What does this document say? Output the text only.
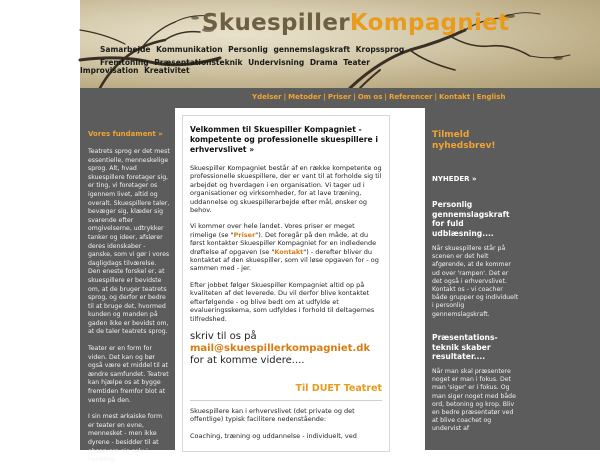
SkuespillerKompagniet
Samarbejde Kommunikation Personlig gennemslagskraft Kropssprog
Fremtoning Præsentationsteknik Undervisning Drama Teater
Improvisation Kreativitet
Ydelser | Metoder | Priser | Om os | Referencer | Kontakt | English
Vores fundament »

Teatrets sprog er det mest essentielle, menneskelige sprog. Alt, hvad skuespillere foretager sig, er ting, vi foretager os igennem livet, altid og overalt. Skuespillere taler, bevæger sig, klæder sig svarende efter omgivelserne, udtrykker tanker og ideer, afslører deres idenskaber - ganske, som vi gør i vores dagligdags tilværelse. Den eneste forskel er, at skuespillere er bevidste om, at de bruger teatrets sprog, og derfor er bedre til at bruge det, hvormed kunden og manden på gaden ikke er bevidst om, at de taler teatrets sprog.

Teater er en form for viden. Det kan og bør også være et middel til at ændre samfundet. Teatret kan hjælpe os at bygge fremtiden fremfor blot at vente på den.

I sin mest arkaiske form er teater en evne, mennesket - men ikke dyrene - besidder til at observere sig selv i handling.

Velkommen til Skuespiller Kompagniet - kompetente og professionelle skuespillere i erhvervslivet »
Skuespiller Kompagniet består af en række kompetente og professionelle skuespillere, der er vant til at forholde sig til arbejdet og hverdagen i en organisation. Vi tager ud i organisationer og virksomheder, for at lave træning, uddannelse og skuespillerarbejde efter mål, ønsker og behov.
Vi kommer over hele landet. Vores priser er meget rimelige (se "Priser"). Det foregår på den måde, at du først kontakter Skuespiller Kompagniet for en indledende drøftelse af opgaven (se "Kontakt") - derefter bliver du kontaktet af den skuespiller, som vil løse opgaven for - og sammen med - jer.
Efter jobbet følger Skuespiller Kompagniet altid op på kvaliteten af det leverede. Du vil derfor blive kontaktet efterfølgende - og blive bedt om at udfylde et evalueringsskema, som udfyldes i forhold til deltagernes tilfredshed.
skriv til os på
mail@skuespillerkompagniet.dk for at komme videre....
Til DUET Teatret
Skuespillere kan i erhvervslivet (det private og det offentlige) typisk facilitere nedenstående:
Coaching, træning og uddannelse - individuelt, ved
Tilmeld nyhedsbrev!
NYHEDER »
Personlig gennemslagskraft for fuld udblæsning....
Når skuespillere står på scenen er det helt afgørende, at de kommer ud over 'rampen'. Det er det også i erhvervslivet. Kontakt os - vi coacher både grupper og individuelt i personlig gennemslagskraft.
Præsentations-teknik skaber resultater....
Når man skal præsentere noget er man i fokus. Det man 'siger' er i fokus. Og man siger noget med både ord, betoning og krop. Bliv en bedre præsentatør ved at blive coachet og undervist af
